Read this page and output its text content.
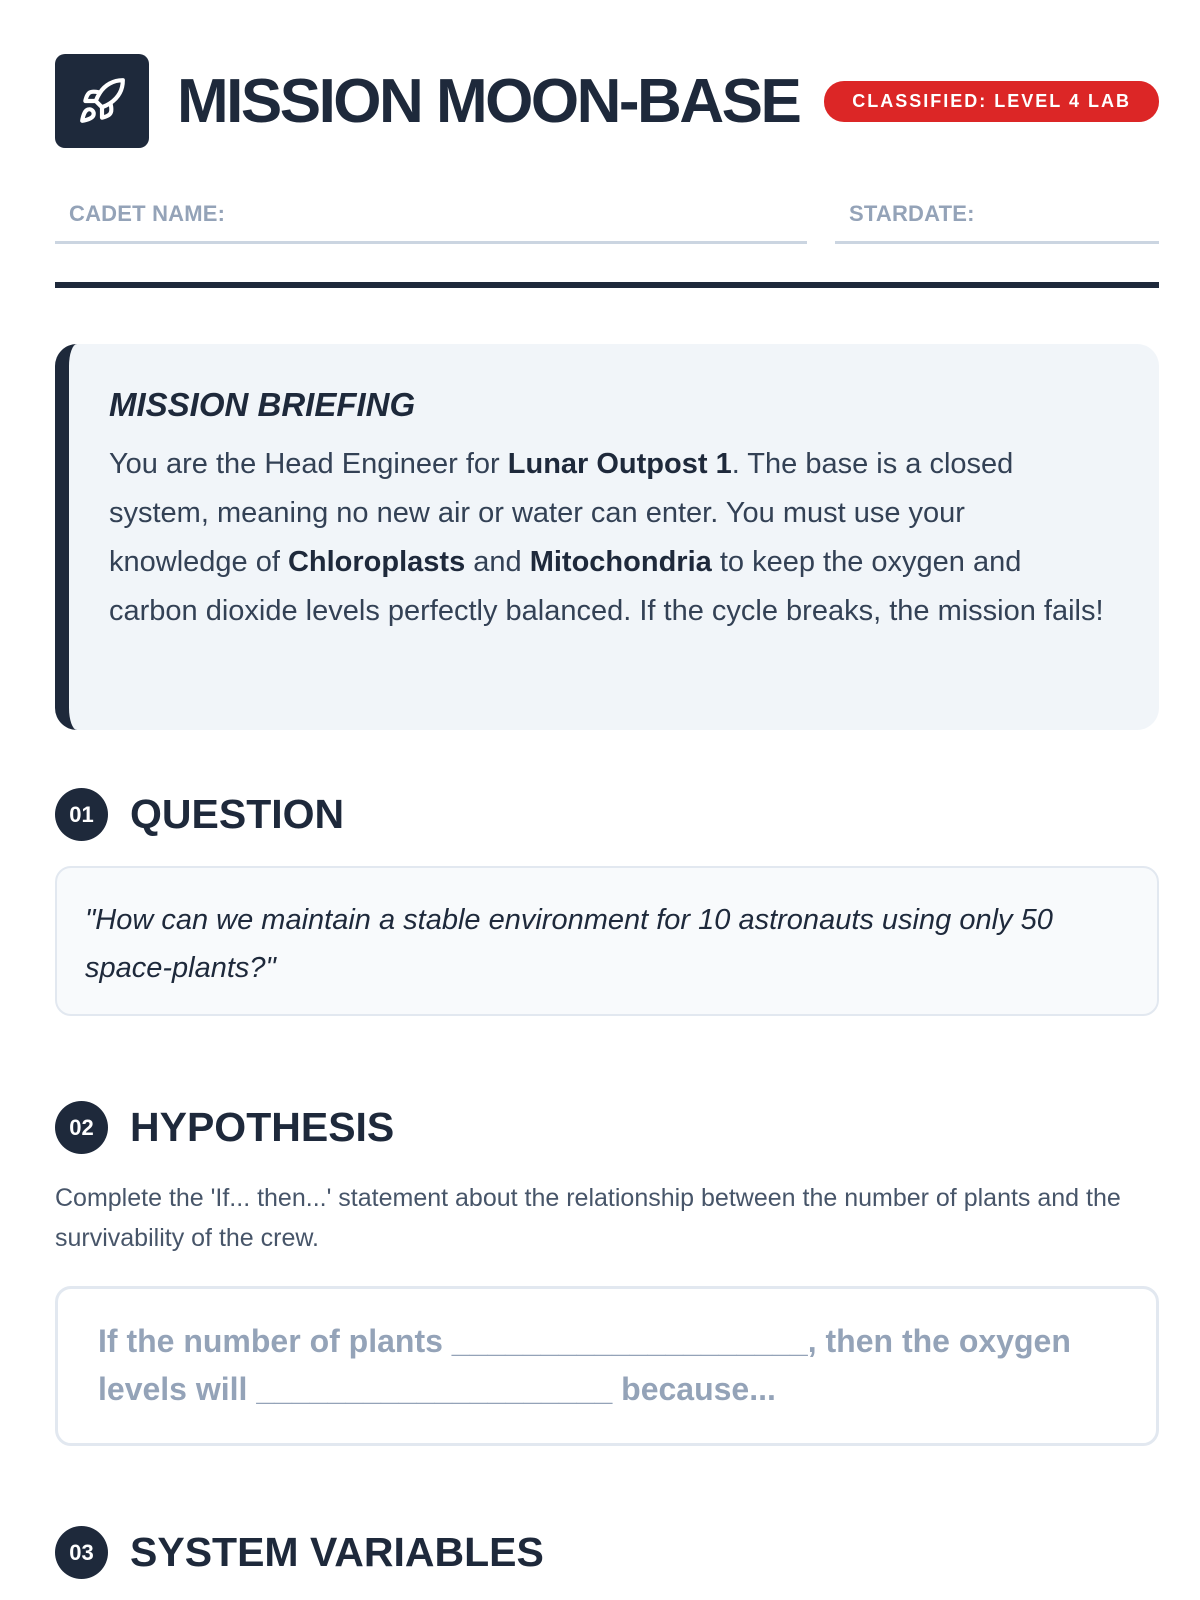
MISSION MOON-BASE	CLASSIFIED: LEVEL 4 LAB
CADET NAME:	STARDATE:
MISSION BRIEFING

You are the Head Engineer for Lunar Outpost 1. The base is a closed system, meaning no new air or water can enter. You must use your knowledge of Chloroplasts and Mitochondria to keep the oxygen and carbon dioxide levels perfectly balanced. If the cycle breaks, the mission fails!

01 QUESTION
"How can we maintain a stable environment for 10 astronauts using only 50 space-plants?"
02 HYPOTHESIS
Complete the 'If... then...' statement about the relationship between the number of plants and the survivability of the crew.
If the number of plants ____________________, then the oxygen levels will ____________________ because...
03 SYSTEM VARIABLES
